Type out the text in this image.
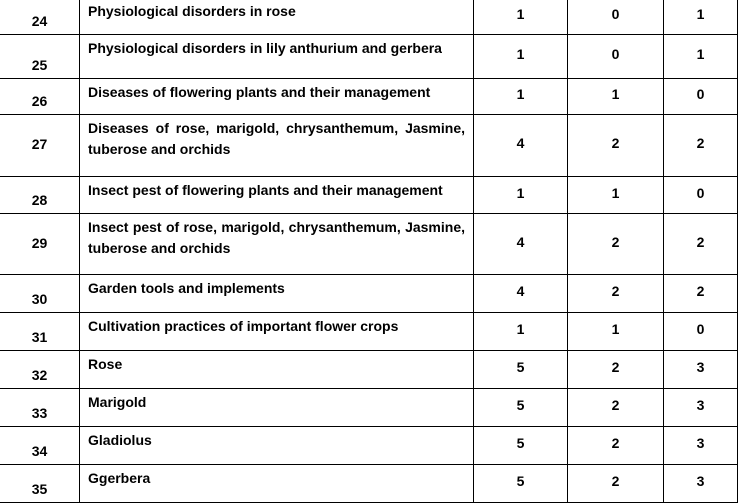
24	Physiological disorders in rose	1	0	1
25	Physiological disorders in lily anthurium and gerbera	1	0	1
26	Diseases of flowering plants and their management	1	1	0
27	Diseases of rose, marigold, chrysanthemum, Jasmine, tuberose and orchids	4	2	2
28	Insect pest of flowering plants and their management	1	1	0
29	Insect pest of rose, marigold, chrysanthemum, Jasmine, tuberose and orchids	4	2	2
30	Garden tools and implements	4	2	2
31	Cultivation practices of important flower crops	1	1	0
32	Rose	5	2	3
33	Marigold	5	2	3
34	Gladiolus	5	2	3
35	Ggerbera	5	2	3
